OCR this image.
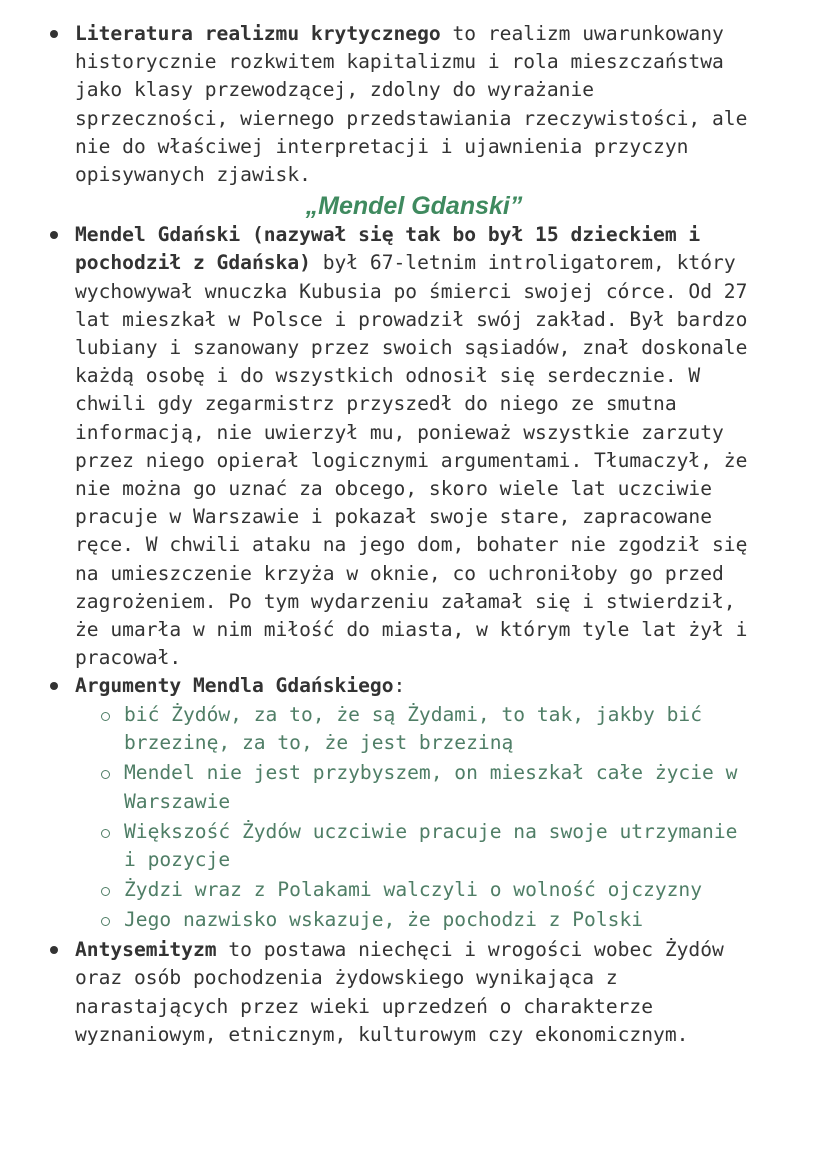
Literatura realizmu krytycznego to realizm uwarunkowany
historycznie rozkwitem kapitalizmu i rola mieszczaństwa
jako klasy przewodzącej, zdolny do wyrażanie
sprzeczności, wiernego przedstawiania rzeczywistości, ale
nie do właściwej interpretacji i ujawnienia przyczyn
opisywanych zjawisk.
„Mendel Gdanski”
Mendel Gdański (nazywał się tak bo był 15 dzieckiem i
pochodził z Gdańska) był 67-letnim introligatorem, który
wychowywał wnuczka Kubusia po śmierci swojej córce. Od 27
lat mieszkał w Polsce i prowadził swój zakład. Był bardzo
lubiany i szanowany przez swoich sąsiadów, znał doskonale
każdą osobę i do wszystkich odnosił się serdecznie. W
chwili gdy zegarmistrz przyszedł do niego ze smutna
informacją, nie uwierzył mu, ponieważ wszystkie zarzuty
przez niego opierał logicznymi argumentami. Tłumaczył, że
nie można go uznać za obcego, skoro wiele lat uczciwie
pracuje w Warszawie i pokazał swoje stare, zapracowane
ręce. W chwili ataku na jego dom, bohater nie zgodził się
na umieszczenie krzyża w oknie, co uchroniłoby go przed
zagrożeniem. Po tym wydarzeniu załamał się i stwierdził,
że umarła w nim miłość do miasta, w którym tyle lat żył i
pracował.
Argumenty Mendla Gdańskiego:
bić Żydów, za to, że są Żydami, to tak, jakby bić
brzezinę, za to, że jest brzeziną
Mendel nie jest przybyszem, on mieszkał całe życie w
Warszawie
Większość Żydów uczciwie pracuje na swoje utrzymanie
i pozycje
Żydzi wraz z Polakami walczyli o wolność ojczyzny
Jego nazwisko wskazuje, że pochodzi z Polski
Antysemityzm to postawa niechęci i wrogości wobec Żydów
oraz osób pochodzenia żydowskiego wynikająca z
narastających przez wieki uprzedzeń o charakterze
wyznaniowym, etnicznym, kulturowym czy ekonomicznym.
